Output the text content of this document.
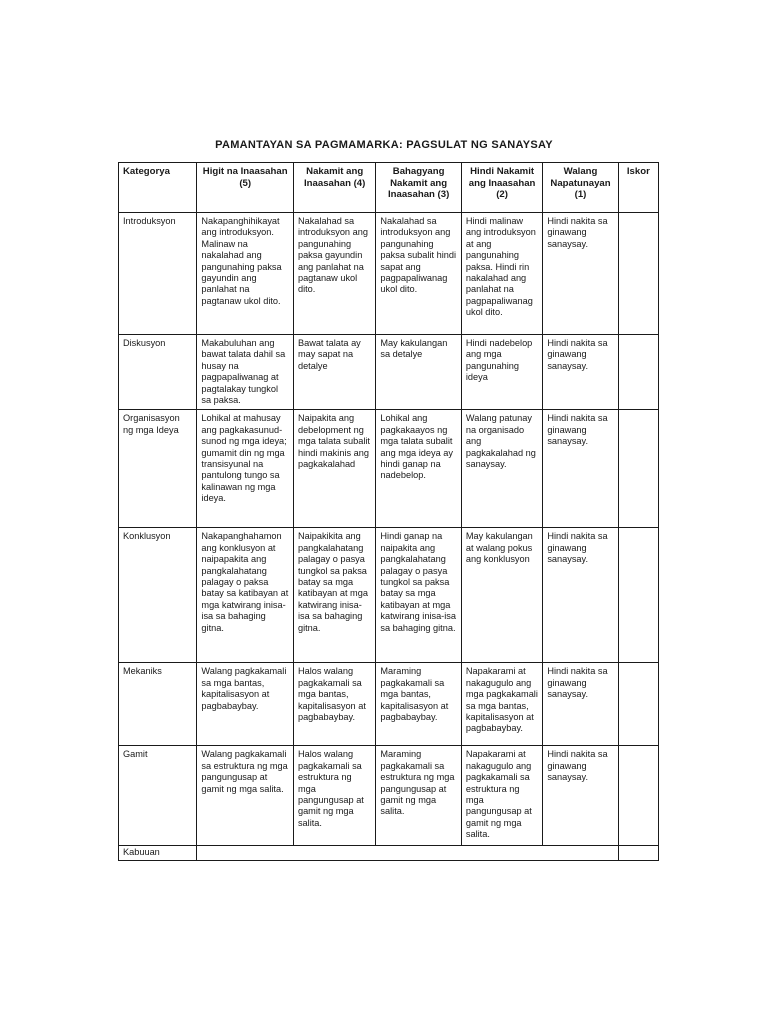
PAMANTAYAN SA PAGMAMARKA: PAGSULAT NG SANAYSAY
Kategorya	Higit na Inaasahan (5)	Nakamit ang Inaasahan (4)	Bahagyang Nakamit ang Inaasahan (3)	Hindi Nakamit ang Inaasahan (2)	Walang Napatunayan (1)	Iskor
Introduksyon	Nakapanghihikayat ang introduksyon. Malinaw na nakalahad ang pangunahing paksa gayundin ang panlahat na pagtanaw ukol dito.	Nakalahad sa introduksyon ang pangunahing paksa gayundin ang panlahat na pagtanaw ukol dito.	Nakalahad sa introduksyon ang pangunahing paksa subalit hindi sapat ang pagpapaliwanag ukol dito.	Hindi malinaw ang introduksyon at ang pangunahing paksa. Hindi rin nakalahad ang panlahat na pagpapaliwanag ukol dito.	Hindi nakita sa ginawang sanaysay.	
Diskusyon	Makabuluhan ang bawat talata dahil sa husay na pagpapaliwanag at pagtalakay tungkol sa paksa.	Bawat talata ay may sapat na detalye	May kakulangan sa detalye	Hindi nadebelop ang mga pangunahing ideya	Hindi nakita sa ginawang sanaysay.	
Organisasyon ng mga Ideya	Lohikal at mahusay ang pagkakasunud-sunod ng mga ideya; gumamit din ng mga transisyunal na pantulong tungo sa kalinawan ng mga ideya.	Naipakita ang debelopment ng mga talata subalit hindi makinis ang pagkakalahad	Lohikal ang pagkakaayos ng mga talata subalit ang mga ideya ay hindi ganap na nadebelop.	Walang patunay na organisado ang pagkakalahad ng sanaysay.	Hindi nakita sa ginawang sanaysay.	
Konklusyon	Nakapanghahamon ang konklusyon at naipapakita ang pangkalahatang palagay o paksa batay sa katibayan at mga katwirang inisa-isa sa bahaging gitna.	Naipakikita ang pangkalahatang palagay o pasya tungkol sa paksa batay sa mga katibayan at mga katwirang inisa-isa sa bahaging gitna.	Hindi ganap na naipakita ang pangkalahatang palagay o pasya tungkol sa paksa batay sa mga katibayan at mga katwirang inisa-isa sa bahaging gitna.	May kakulangan at walang pokus ang konklusyon	Hindi nakita sa ginawang sanaysay.	
Mekaniks	Walang pagkakamali sa mga bantas, kapitalisasyon at pagbabaybay.	Halos walang pagkakamali sa mga bantas, kapitalisasyon at pagbabaybay.	Maraming pagkakamali sa mga bantas, kapitalisasyon at pagbabaybay.	Napakarami at nakagugulo ang mga pagkakamali sa mga bantas, kapitalisasyon at pagbabaybay.	Hindi nakita sa ginawang sanaysay.	
Gamit	Walang pagkakamali sa estruktura ng mga pangungusap at gamit ng mga salita.	Halos walang pagkakamali sa estruktura ng mga pangungusap at gamit ng mga salita.	Maraming pagkakamali sa estruktura ng mga pangungusap at gamit ng mga salita.	Napakarami at nakagugulo ang pagkakamali sa estruktura ng mga pangungusap at gamit ng mga salita.	Hindi nakita sa ginawang sanaysay.	
Kabuuan						
